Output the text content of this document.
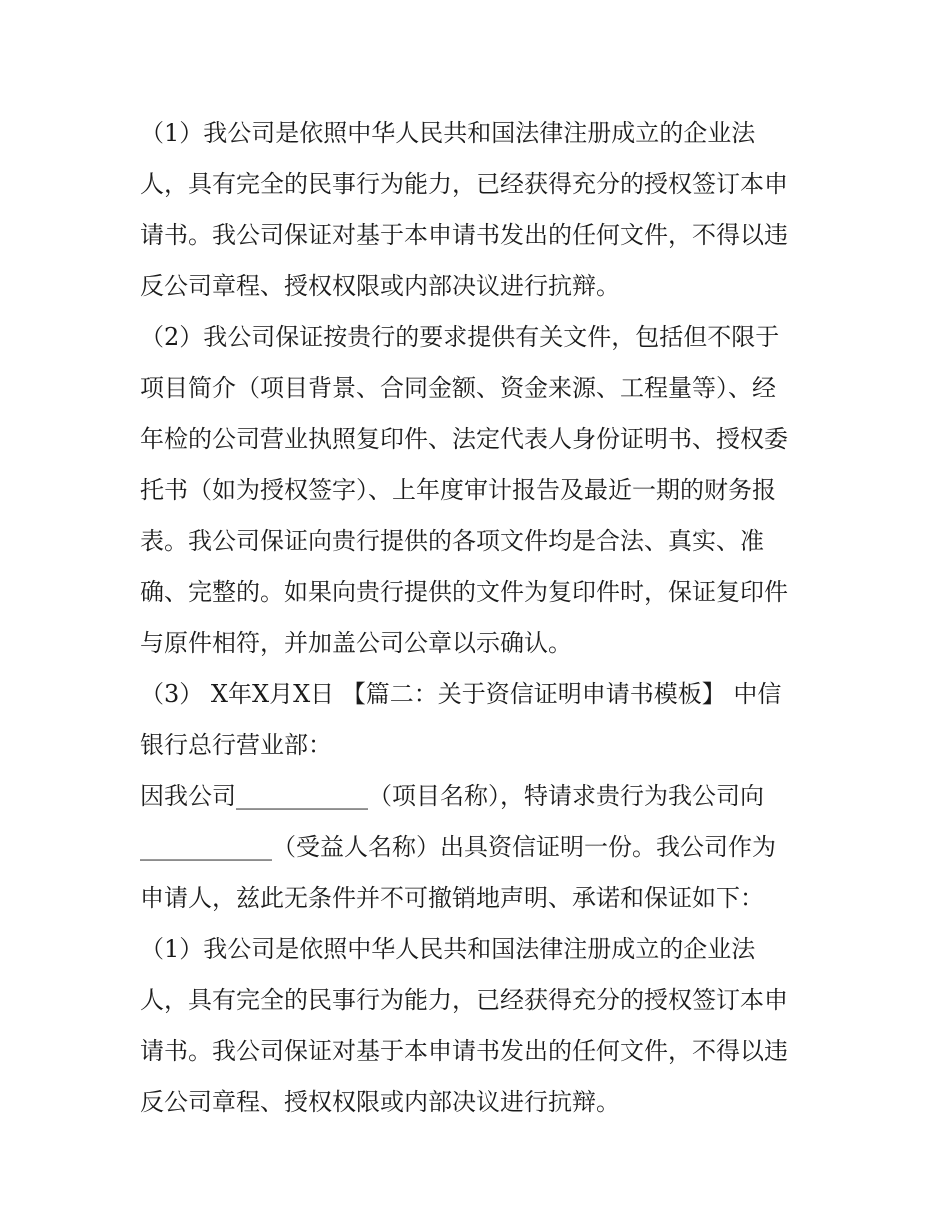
（1）我公司是依照中华人民共和国法律注册成立的企业法
人，具有完全的民事行为能力，已经获得充分的授权签订本申
请书。我公司保证对基于本申请书发出的任何文件，不得以违
反公司章程、授权权限或内部决议进行抗辩。
（2）我公司保证按贵行的要求提供有关文件，包括但不限于
项目简介（项目背景、合同金额、资金来源、工程量等）、经
年检的公司营业执照复印件、法定代表人身份证明书、授权委
托书（如为授权签字）、上年度审计报告及最近一期的财务报
表。我公司保证向贵行提供的各项文件均是合法、真实、准
确、完整的。如果向贵行提供的文件为复印件时，保证复印件
与原件相符，并加盖公司公章以示确认。
（3） X年X月X日 【篇二：关于资信证明申请书模板】 中信
银行总行营业部：
因我公司___________（项目名称），特请求贵行为我公司向
___________（受益人名称）出具资信证明一份。我公司作为
申请人，兹此无条件并不可撤销地声明、承诺和保证如下：
（1）我公司是依照中华人民共和国法律注册成立的企业法
人，具有完全的民事行为能力，已经获得充分的授权签订本申
请书。我公司保证对基于本申请书发出的任何文件，不得以违
反公司章程、授权权限或内部决议进行抗辩。
